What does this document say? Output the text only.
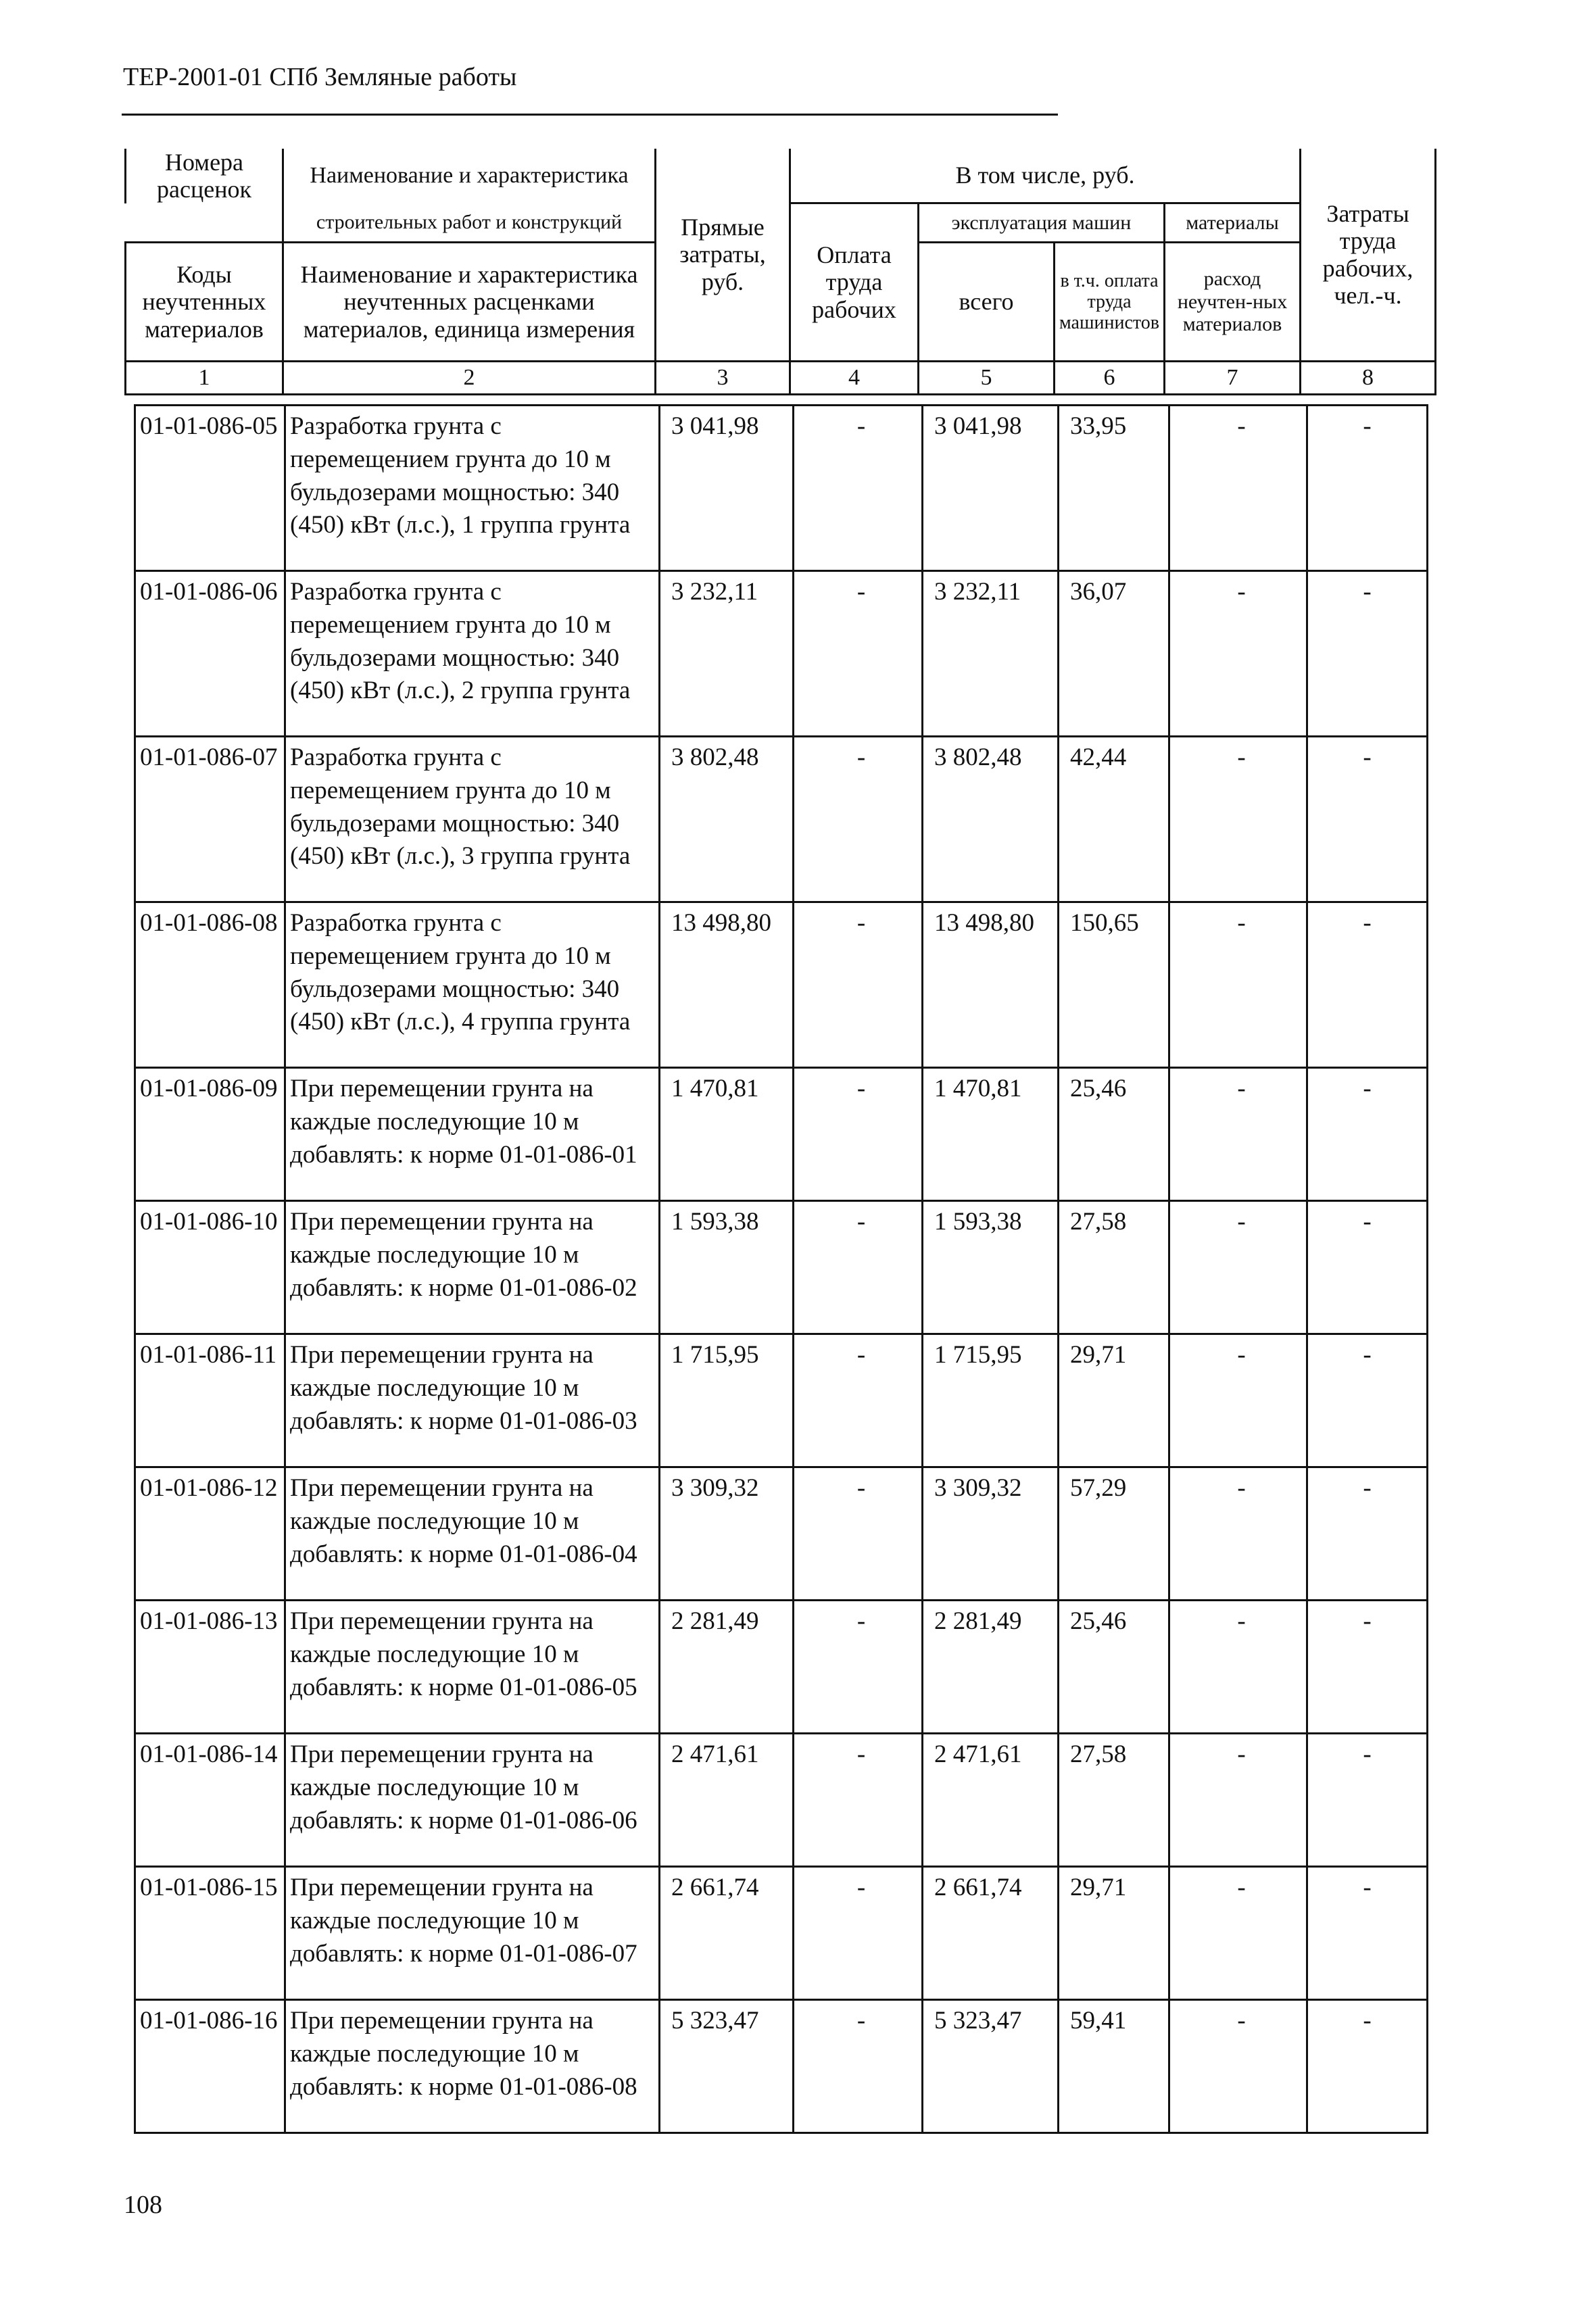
ТЕР-2001-01 СПб Земляные работы
Номера расценок	Наименование и характеристика	Прямые затраты, руб.	В том числе, руб.				Затраты труда рабочих, чел.-ч.
	строительных работ и конструкций		Оплата труда рабочих	эксплуатация машин		материалы	
Коды неучтенных материалов	Наименование и характеристика неучтенных расценками материалов, единица измерения			всего	в т.ч. оплата труда машинистов	расход неучтен-ных материалов	
1	2	3	4	5	6	7	8
01-01-086-05	Разработка грунта с перемещением грунта до 10 м бульдозерами мощностью: 340 (450) кВт (л.с.), 1 группа грунта	3 041,98	-	3 041,98	33,95	-	-
01-01-086-06	Разработка грунта с перемещением грунта до 10 м бульдозерами мощностью: 340 (450) кВт (л.с.), 2 группа грунта	3 232,11	-	3 232,11	36,07	-	-
01-01-086-07	Разработка грунта с перемещением грунта до 10 м бульдозерами мощностью: 340 (450) кВт (л.с.), 3 группа грунта	3 802,48	-	3 802,48	42,44	-	-
01-01-086-08	Разработка грунта с перемещением грунта до 10 м бульдозерами мощностью: 340 (450) кВт (л.с.), 4 группа грунта	13 498,80	-	13 498,80	150,65	-	-
01-01-086-09	При перемещении грунта на каждые последующие 10 м добавлять: к норме 01-01-086-01	1 470,81	-	1 470,81	25,46	-	-
01-01-086-10	При перемещении грунта на каждые последующие 10 м добавлять: к норме 01-01-086-02	1 593,38	-	1 593,38	27,58	-	-
01-01-086-11	При перемещении грунта на каждые последующие 10 м добавлять: к норме 01-01-086-03	1 715,95	-	1 715,95	29,71	-	-
01-01-086-12	При перемещении грунта на каждые последующие 10 м добавлять: к норме 01-01-086-04	3 309,32	-	3 309,32	57,29	-	-
01-01-086-13	При перемещении грунта на каждые последующие 10 м добавлять: к норме 01-01-086-05	2 281,49	-	2 281,49	25,46	-	-
01-01-086-14	При перемещении грунта на каждые последующие 10 м добавлять: к норме 01-01-086-06	2 471,61	-	2 471,61	27,58	-	-
01-01-086-15	При перемещении грунта на каждые последующие 10 м добавлять: к норме 01-01-086-07	2 661,74	-	2 661,74	29,71	-	-
01-01-086-16	При перемещении грунта на каждые последующие 10 м добавлять: к норме 01-01-086-08	5 323,47	-	5 323,47	59,41	-	-
108
